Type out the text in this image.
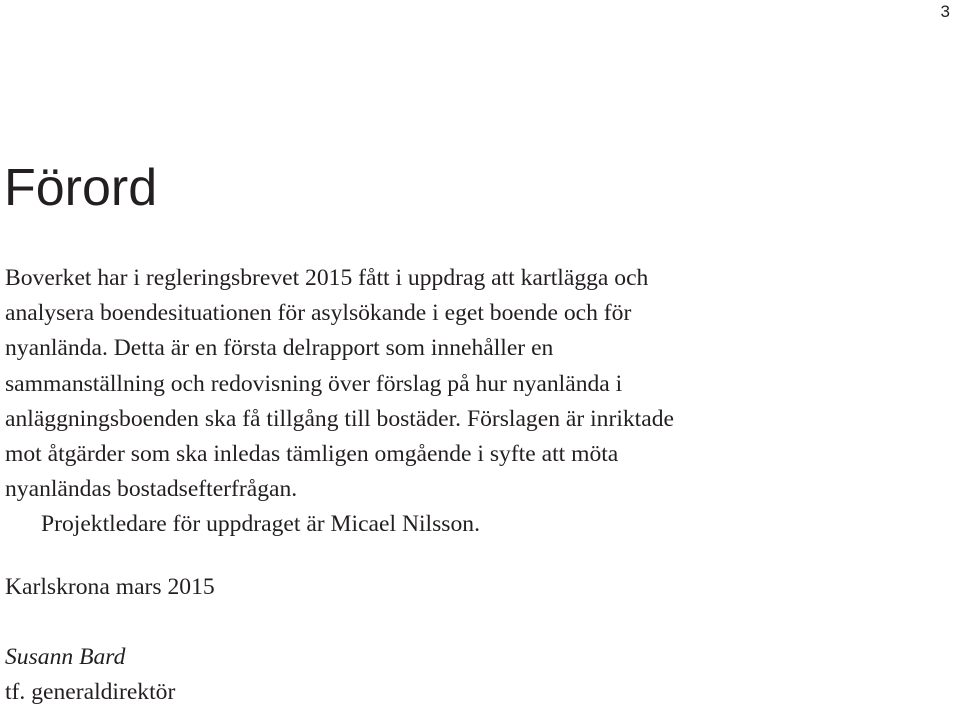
3
Förord
Boverket har i regleringsbrevet 2015 fått i uppdrag att kartlägga och
analysera boendesituationen för asylsökande i eget boende och för
nyanlända. Detta är en första delrapport som innehåller en
sammanställning och redovisning över förslag på hur nyanlända i
anläggningsboenden ska få tillgång till bostäder. Förslagen är inriktade
mot åtgärder som ska inledas tämligen omgående i syfte att möta
nyanländas bostadsefterfrågan.
Projektledare för uppdraget är Micael Nilsson.

Karlskrona mars 2015

Susann Bard

tf. generaldirektör
